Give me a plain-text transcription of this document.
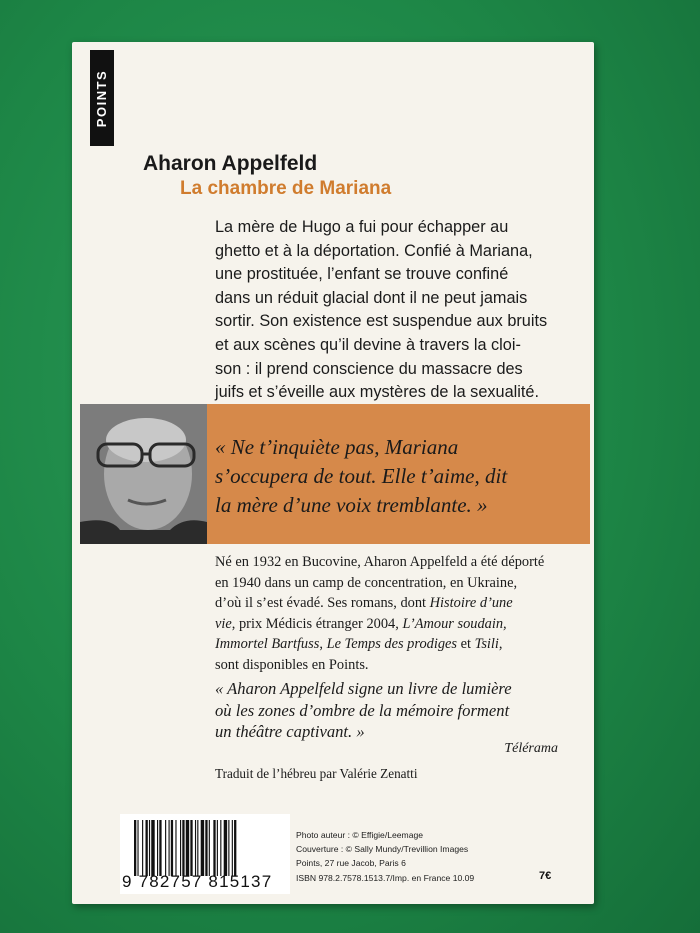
POINTS
Aharon Appelfeld
La chambre de Mariana
La mère de Hugo a fui pour échapper au
ghetto et à la déportation. Confié à Mariana,
une prostituée, l’enfant se trouve confiné
dans un réduit glacial dont il ne peut jamais
sortir. Son existence est suspendue aux bruits
et aux scènes qu’il devine à travers la cloi-
son : il prend conscience du massacre des
juifs et s’éveille aux mystères de la sexualité.
« Ne t’inquiète pas, Mariana
s’occupera de tout. Elle t’aime, dit
la mère d’une voix tremblante. »
Né en 1932 en Bucovine, Aharon Appelfeld a été déporté
en 1940 dans un camp de concentration, en Ukraine,
d’où il s’est évadé. Ses romans, dont Histoire d’une
vie, prix Médicis étranger 2004, L’Amour soudain,
Immortel Bartfuss, Le Temps des prodiges et Tsili,
sont disponibles en Points.
« Aharon Appelfeld signe un livre de lumière
où les zones d’ombre de la mémoire forment
un théâtre captivant. »
Télérama
Traduit de l’hébreu par Valérie Zenatti
9 782757 815137
Photo auteur : © Effigie/Leemage
Couverture : © Sally Mundy/Trevillion Images
Points, 27 rue Jacob, Paris 6
ISBN 978.2.7578.1513.7/Imp. en France 10.09	7€
